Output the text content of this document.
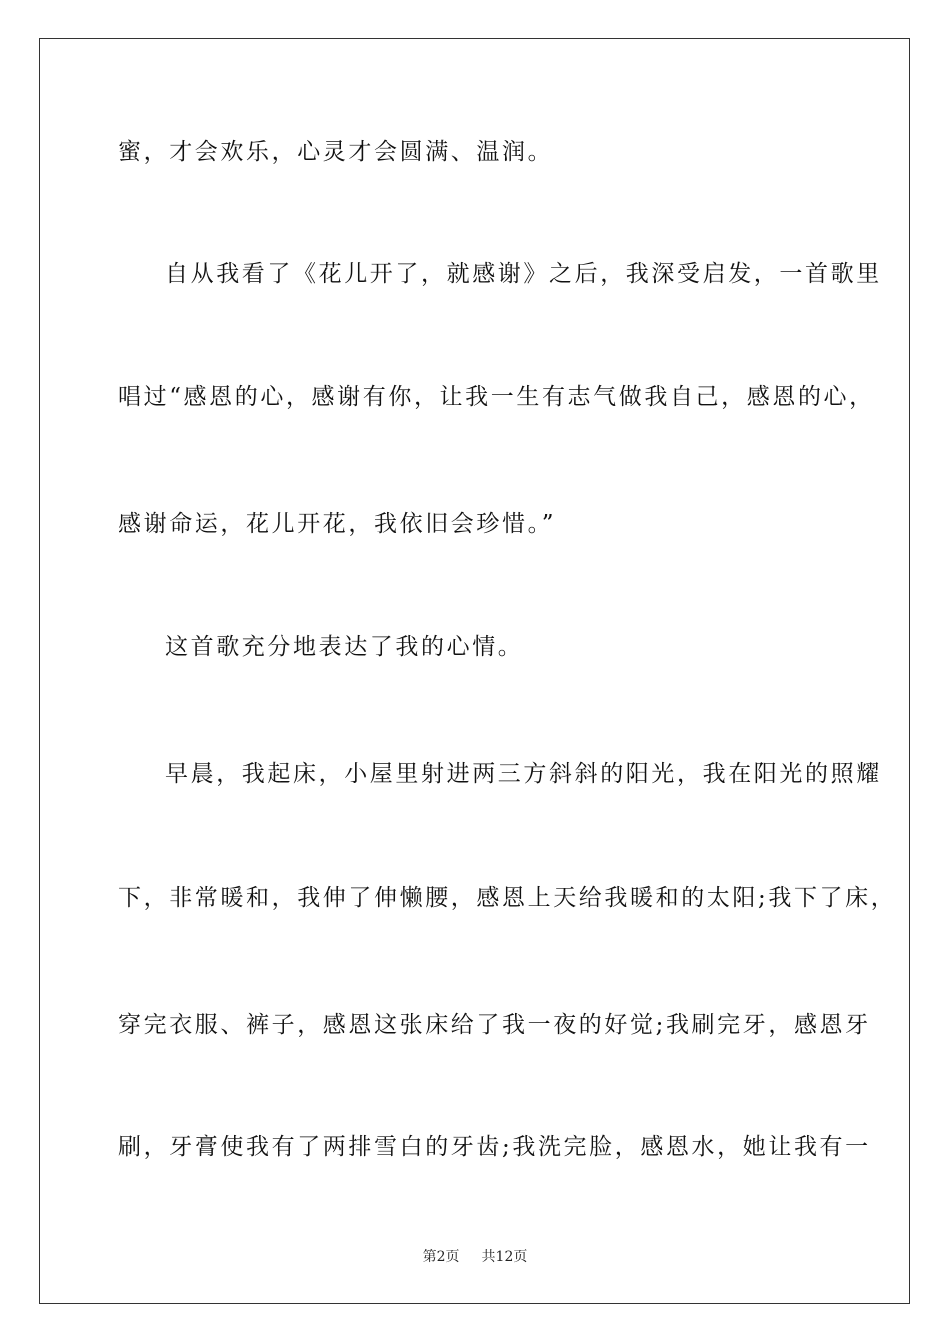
蜜，才会欢乐，心灵才会圆满、温润。
自从我看了《花儿开了，就感谢》之后，我深受启发，一首歌里
唱过“感恩的心，感谢有你，让我一生有志气做我自己，感恩的心，
感谢命运，花儿开花，我依旧会珍惜。”
这首歌充分地表达了我的心情。
早晨，我起床，小屋里射进两三方斜斜的阳光，我在阳光的照耀
下，非常暖和，我伸了伸懒腰，感恩上天给我暖和的太阳;我下了床，
穿完衣服、裤子，感恩这张床给了我一夜的好觉;我刷完牙，感恩牙
刷，牙膏使我有了两排雪白的牙齿;我洗完脸，感恩水，她让我有一
第2页 共12页
